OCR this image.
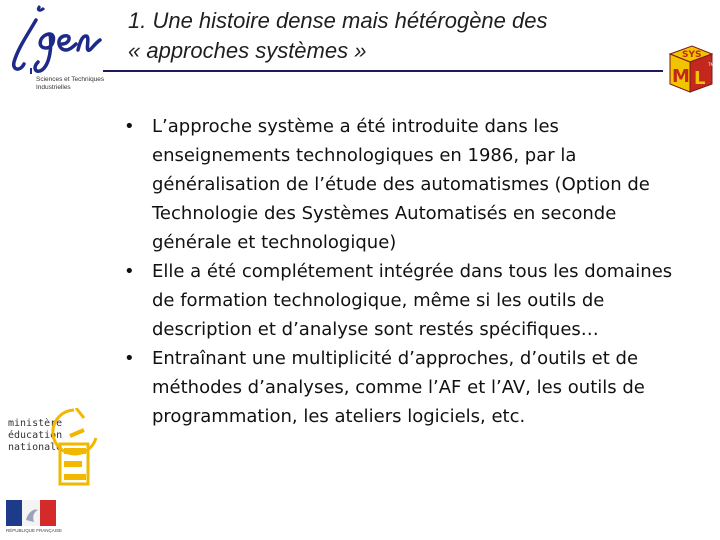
Sciences et Techniques
Industrielles
1. Une histoire dense mais hétérogène des
« approches systèmes »	SYS
M L
TM
• L’approche système a été introduite dans les enseignements technologiques en 1986, par la généralisation de l’étude des automatismes (Option de Technologie des Systèmes Automatisés en seconde générale et technologique)
• Elle a été complétement intégrée dans tous les domaines de formation technologique, même si les outils de description et d’analyse sont restés spécifiques…
• Entraînant une multiplicité d’approches, d’outils et de méthodes d’analyses, comme l’AF et l’AV, les outils de programmation, les ateliers logiciels, etc.
ministère
éducation
nationale
RÉPUBLIQUE FRANÇAISE
